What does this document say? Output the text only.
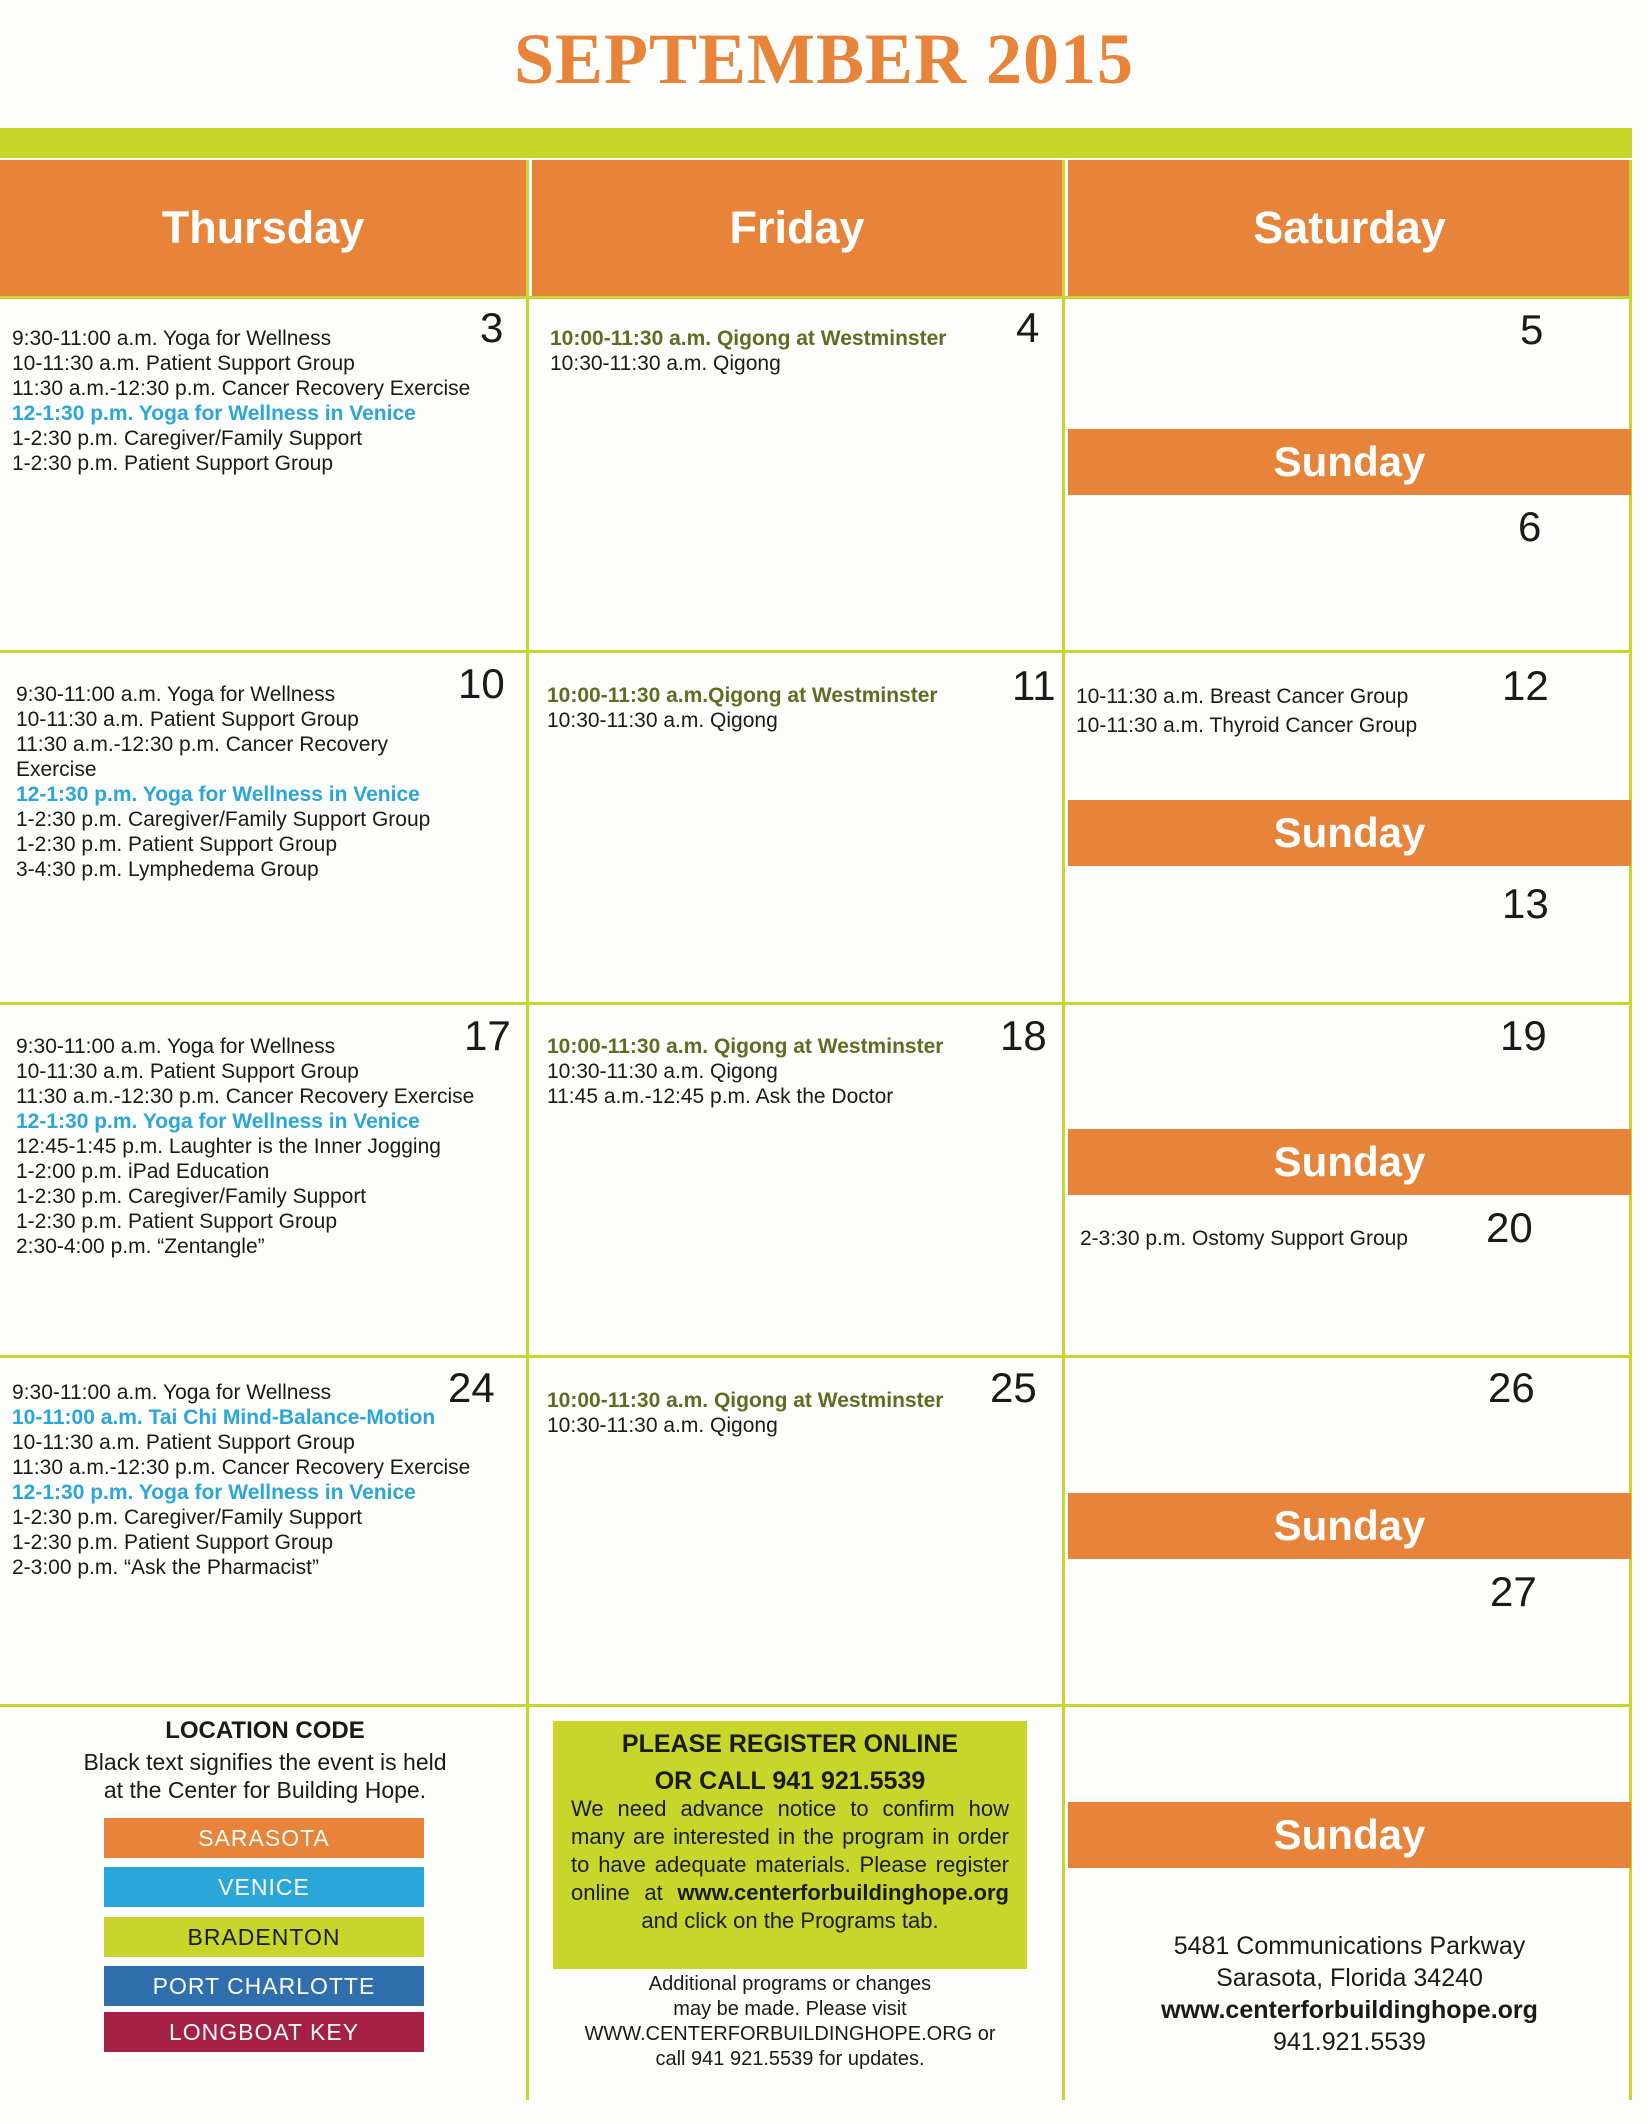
SEPTEMBER 2015
Thursday	Friday	Saturday
3
9:30-11:00 a.m. Yoga for Wellness
10-11:30 a.m. Patient Support Group
11:30 a.m.-12:30 p.m. Cancer Recovery Exercise
12-1:30 p.m. Yoga for Wellness in Venice
1-2:30 p.m. Caregiver/Family Support
1-2:30 p.m. Patient Support Group
4
10:00-11:30 a.m. Qigong at Westminster
10:30-11:30 a.m. Qigong
5
Sunday
6
10
9:30-11:00 a.m. Yoga for Wellness
10-11:30 a.m. Patient Support Group
11:30 a.m.-12:30 p.m. Cancer Recovery
Exercise
12-1:30 p.m. Yoga for Wellness in Venice
1-2:30 p.m. Caregiver/Family Support Group
1-2:30 p.m. Patient Support Group
3-4:30 p.m. Lymphedema Group
11
10:00-11:30 a.m.Qigong at Westminster
10:30-11:30 a.m. Qigong
12
10-11:30 a.m. Breast Cancer Group
10-11:30 a.m. Thyroid Cancer Group
Sunday
13
17
9:30-11:00 a.m. Yoga for Wellness
10-11:30 a.m. Patient Support Group
11:30 a.m.-12:30 p.m. Cancer Recovery Exercise
12-1:30 p.m. Yoga for Wellness in Venice
12:45-1:45 p.m. Laughter is the Inner Jogging
1-2:00 p.m. iPad Education
1-2:30 p.m. Caregiver/Family Support
1-2:30 p.m. Patient Support Group
2:30-4:00 p.m. “Zentangle”
18
10:00-11:30 a.m. Qigong at Westminster
10:30-11:30 a.m. Qigong
11:45 a.m.-12:45 p.m. Ask the Doctor
19
Sunday
2-3:30 p.m. Ostomy Support Group 20
24
9:30-11:00 a.m. Yoga for Wellness
10-11:00 a.m. Tai Chi Mind-Balance-Motion
10-11:30 a.m. Patient Support Group
11:30 a.m.-12:30 p.m. Cancer Recovery Exercise
12-1:30 p.m. Yoga for Wellness in Venice
1-2:30 p.m. Caregiver/Family Support
1-2:30 p.m. Patient Support Group
2-3:00 p.m. “Ask the Pharmacist”
25
10:00-11:30 a.m. Qigong at Westminster
10:30-11:30 a.m. Qigong
26
Sunday
27
LOCATION CODE
Black text signifies the event is held
at the Center for Building Hope.
SARASOTA
VENICE
BRADENTON
PORT CHARLOTTE
LONGBOAT KEY
PLEASE REGISTER ONLINE
OR CALL 941 921.5539
We need advance notice to confirm how many are interested in the program in order to have adequate materials. Please register online at www.centerforbuildinghope.org and click on the Programs tab.
Additional programs or changes
may be made. Please visit
WWW.CENTERFORBUILDINGHOPE.ORG or
call 941 921.5539 for updates.
Sunday
5481 Communications Parkway
Sarasota, Florida 34240
www.centerforbuildinghope.org
941.921.5539
